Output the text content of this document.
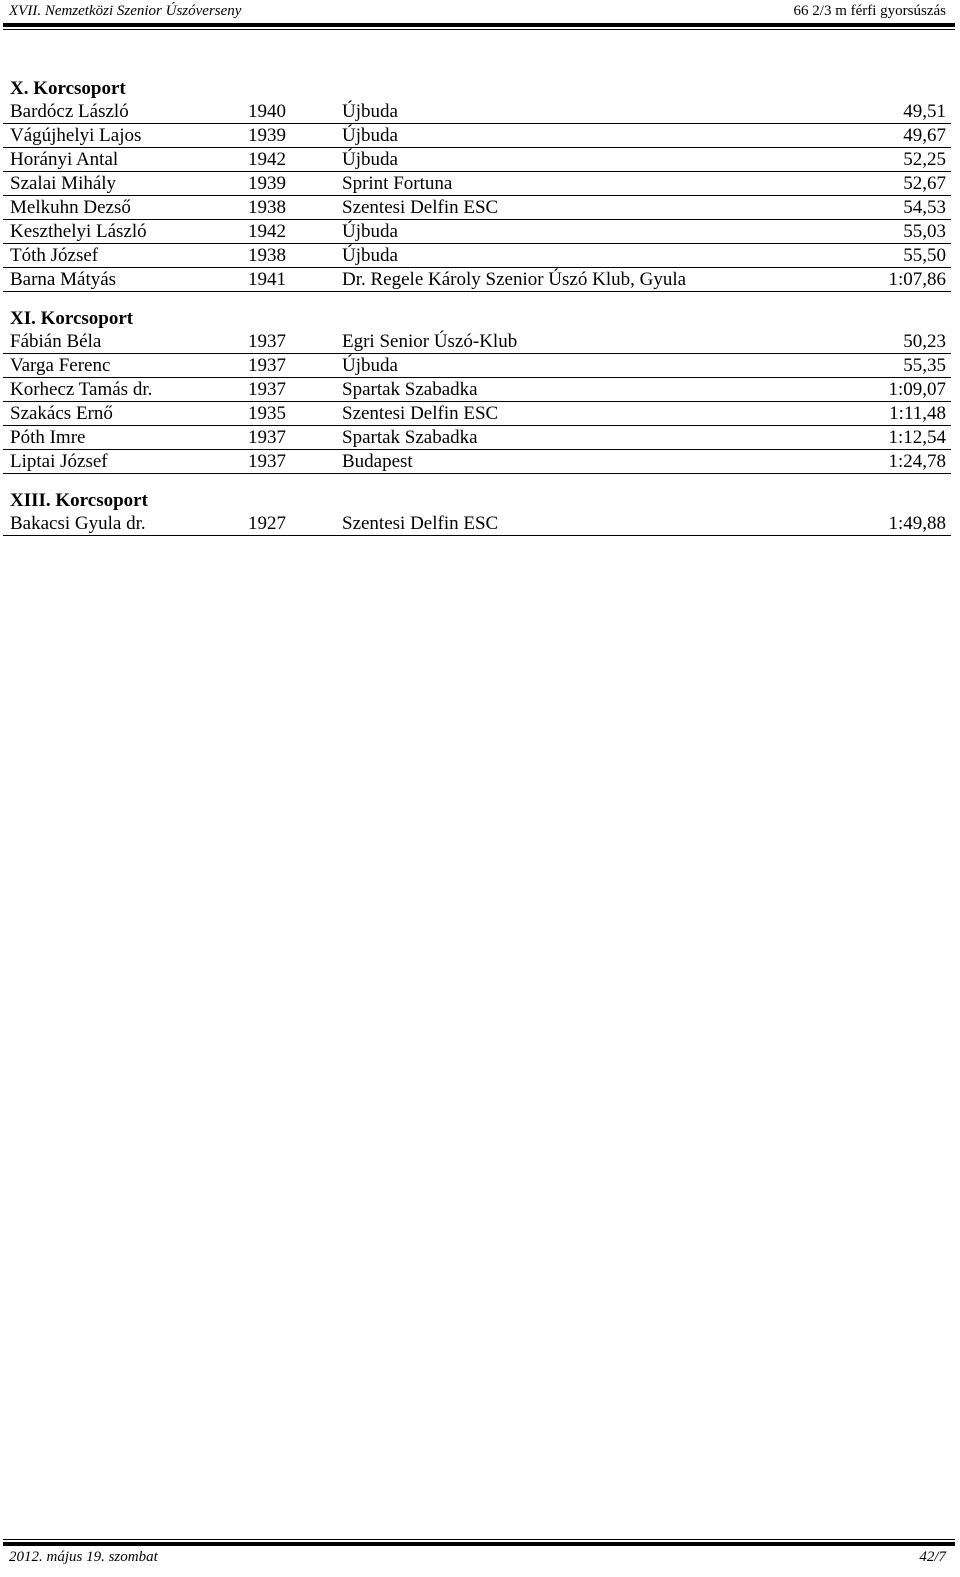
XVII. Nemzetközi Szenior Úszóverseny	66 2/3 m férfi gyorsúszás
X. Korcsoport
Bardócz László	1940	Újbuda	49,51
Vágújhelyi Lajos	1939	Újbuda	49,67
Horányi Antal	1942	Újbuda	52,25
Szalai Mihály	1939	Sprint Fortuna	52,67
Melkuhn Dezső	1938	Szentesi Delfin ESC	54,53
Keszthelyi László	1942	Újbuda	55,03
Tóth József	1938	Újbuda	55,50
Barna Mátyás	1941	Dr. Regele Károly Szenior Úszó Klub, Gyula	1:07,86
XI. Korcsoport
Fábián Béla	1937	Egri Senior Úszó-Klub	50,23
Varga Ferenc	1937	Újbuda	55,35
Korhecz Tamás dr.	1937	Spartak Szabadka	1:09,07
Szakács Ernő	1935	Szentesi Delfin ESC	1:11,48
Póth Imre	1937	Spartak Szabadka	1:12,54
Liptai József	1937	Budapest	1:24,78
XIII. Korcsoport
Bakacsi Gyula dr.	1927	Szentesi Delfin ESC	1:49,88
2012. május 19. szombat	42/7
